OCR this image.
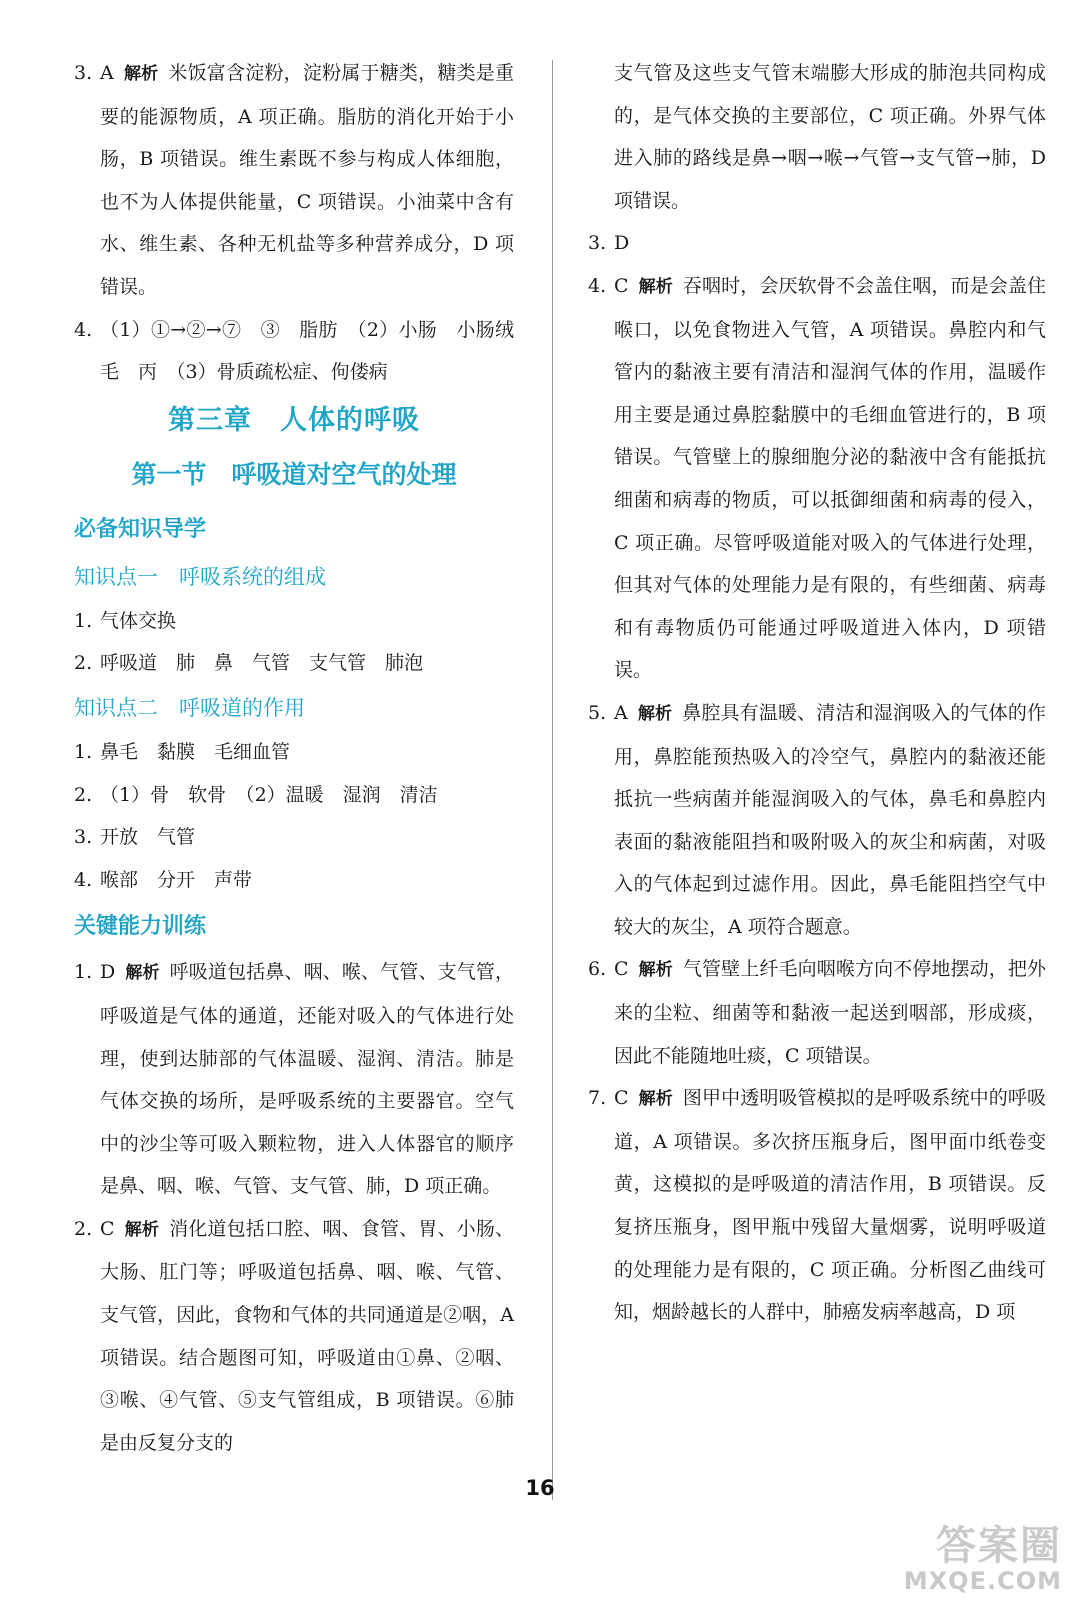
3. A 解析 米饭富含淀粉，淀粉属于糖类，糖类是重要的能源物质，A 项正确。脂肪的消化开始于小肠，B 项错误。维生素既不参与构成人体细胞，也不为人体提供能量，C 项错误。小油菜中含有水、维生素、各种无机盐等多种营养成分，D 项错误。
4. （1）①→②→⑦　③　脂肪　（2）小肠　小肠绒毛　丙　（3）骨质疏松症、佝偻病
第三章　人体的呼吸
第一节　呼吸道对空气的处理
必备知识导学
知识点一　呼吸系统的组成
1. 气体交换
2. 呼吸道　肺　鼻　气管　支气管　肺泡
知识点二　呼吸道的作用
1. 鼻毛　黏膜　毛细血管
2. （1）骨　软骨　（2）温暖　湿润　清洁
3. 开放　气管
4. 喉部　分开　声带
关键能力训练
1. D 解析 呼吸道包括鼻、咽、喉、气管、支气管，呼吸道是气体的通道，还能对吸入的气体进行处理，使到达肺部的气体温暖、湿润、清洁。肺是气体交换的场所，是呼吸系统的主要器官。空气中的沙尘等可吸入颗粒物，进入人体器官的顺序是鼻、咽、喉、气管、支气管、肺，D 项正确。
2. C 解析 消化道包括口腔、咽、食管、胃、小肠、大肠、肛门等；呼吸道包括鼻、咽、喉、气管、支气管，因此，食物和气体的共同通道是②咽，A 项错误。结合题图可知，呼吸道由①鼻、②咽、③喉、④气管、⑤支气管组成，B 项错误。⑥肺是由反复分支的
支气管及这些支气管末端膨大形成的肺泡共同构成的，是气体交换的主要部位，C 项正确。外界气体进入肺的路线是鼻→咽→喉→气管→支气管→肺，D 项错误。
3. D
4. C 解析 吞咽时，会厌软骨不会盖住咽，而是会盖住喉口，以免食物进入气管，A 项错误。鼻腔内和气管内的黏液主要有清洁和湿润气体的作用，温暖作用主要是通过鼻腔黏膜中的毛细血管进行的，B 项错误。气管壁上的腺细胞分泌的黏液中含有能抵抗细菌和病毒的物质，可以抵御细菌和病毒的侵入，C 项正确。尽管呼吸道能对吸入的气体进行处理，但其对气体的处理能力是有限的，有些细菌、病毒和有毒物质仍可能通过呼吸道进入体内，D 项错误。
5. A 解析 鼻腔具有温暖、清洁和湿润吸入的气体的作用，鼻腔能预热吸入的冷空气，鼻腔内的黏液还能抵抗一些病菌并能湿润吸入的气体，鼻毛和鼻腔内表面的黏液能阻挡和吸附吸入的灰尘和病菌，对吸入的气体起到过滤作用。因此，鼻毛能阻挡空气中较大的灰尘，A 项符合题意。
6. C 解析 气管壁上纤毛向咽喉方向不停地摆动，把外来的尘粒、细菌等和黏液一起送到咽部，形成痰，因此不能随地吐痰，C 项错误。
7. C 解析 图甲中透明吸管模拟的是呼吸系统中的呼吸道，A 项错误。多次挤压瓶身后，图甲面巾纸卷变黄，这模拟的是呼吸道的清洁作用，B 项错误。反复挤压瓶身，图甲瓶中残留大量烟雾，说明呼吸道的处理能力是有限的，C 项正确。分析图乙曲线可知，烟龄越长的人群中，肺癌发病率越高，D 项
16
答案圈
MXQE.COM
